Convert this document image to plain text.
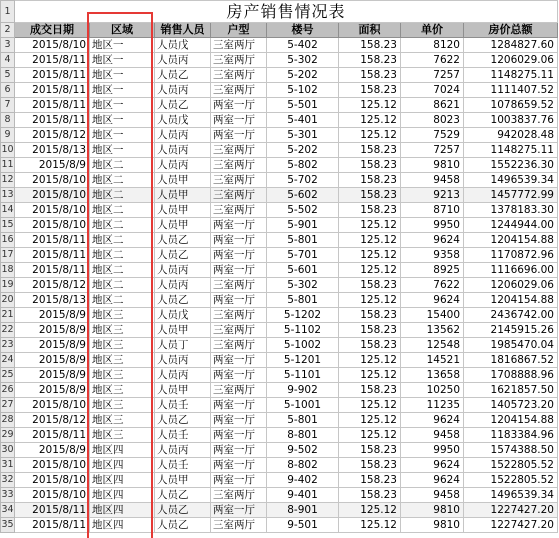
1	房产销售情况表							
2	成交日期	区域	销售人员	户型	楼号	面积	单价	房价总额
3	2015/8/10	地区一	人员戊	三室两厅	5-402	158.23	8120	1284827.60
4	2015/8/11	地区一	人员丙	三室两厅	5-302	158.23	7622	1206029.06
5	2015/8/11	地区一	人员乙	三室两厅	5-202	158.23	7257	1148275.11
6	2015/8/11	地区一	人员丙	三室两厅	5-102	158.23	7024	1111407.52
7	2015/8/11	地区一	人员乙	两室一厅	5-501	125.12	8621	1078659.52
8	2015/8/11	地区一	人员戊	两室一厅	5-401	125.12	8023	1003837.76
9	2015/8/12	地区一	人员丙	两室一厅	5-301	125.12	7529	942028.48
10	2015/8/13	地区一	人员丙	三室两厅	5-202	158.23	7257	1148275.11
11	2015/8/9	地区二	人员丙	三室两厅	5-802	158.23	9810	1552236.30
12	2015/8/10	地区二	人员甲	三室两厅	5-702	158.23	9458	1496539.34
13	2015/8/10	地区二	人员甲	三室两厅	5-602	158.23	9213	1457772.99
14	2015/8/10	地区二	人员甲	三室两厅	5-502	158.23	8710	1378183.30
15	2015/8/10	地区二	人员甲	两室一厅	5-901	125.12	9950	1244944.00
16	2015/8/11	地区二	人员乙	两室一厅	5-801	125.12	9624	1204154.88
17	2015/8/11	地区二	人员乙	两室一厅	5-701	125.12	9358	1170872.96
18	2015/8/11	地区二	人员丙	两室一厅	5-601	125.12	8925	1116696.00
19	2015/8/12	地区二	人员丙	三室两厅	5-302	158.23	7622	1206029.06
20	2015/8/13	地区二	人员乙	两室一厅	5-801	125.12	9624	1204154.88
21	2015/8/9	地区三	人员戊	三室两厅	5-1202	158.23	15400	2436742.00
22	2015/8/9	地区三	人员甲	三室两厅	5-1102	158.23	13562	2145915.26
23	2015/8/9	地区三	人员丁	三室两厅	5-1002	158.23	12548	1985470.04
24	2015/8/9	地区三	人员丙	两室一厅	5-1201	125.12	14521	1816867.52
25	2015/8/9	地区三	人员丙	两室一厅	5-1101	125.12	13658	1708888.96
26	2015/8/9	地区三	人员甲	三室两厅	9-902	158.23	10250	1621857.50
27	2015/8/10	地区三	人员壬	两室一厅	5-1001	125.12	11235	1405723.20
28	2015/8/12	地区三	人员乙	两室一厅	5-801	125.12	9624	1204154.88
29	2015/8/11	地区三	人员壬	两室一厅	8-801	125.12	9458	1183384.96
30	2015/8/9	地区四	人员丙	两室一厅	9-502	158.23	9950	1574388.50
31	2015/8/10	地区四	人员壬	两室一厅	8-802	158.23	9624	1522805.52
32	2015/8/10	地区四	人员甲	两室一厅	9-402	158.23	9624	1522805.52
33	2015/8/10	地区四	人员乙	三室两厅	9-401	158.23	9458	1496539.34
34	2015/8/11	地区四	人员乙	两室一厅	8-901	125.12	9810	1227427.20
35	2015/8/11	地区四	人员乙	三室两厅	9-501	125.12	9810	1227427.20
